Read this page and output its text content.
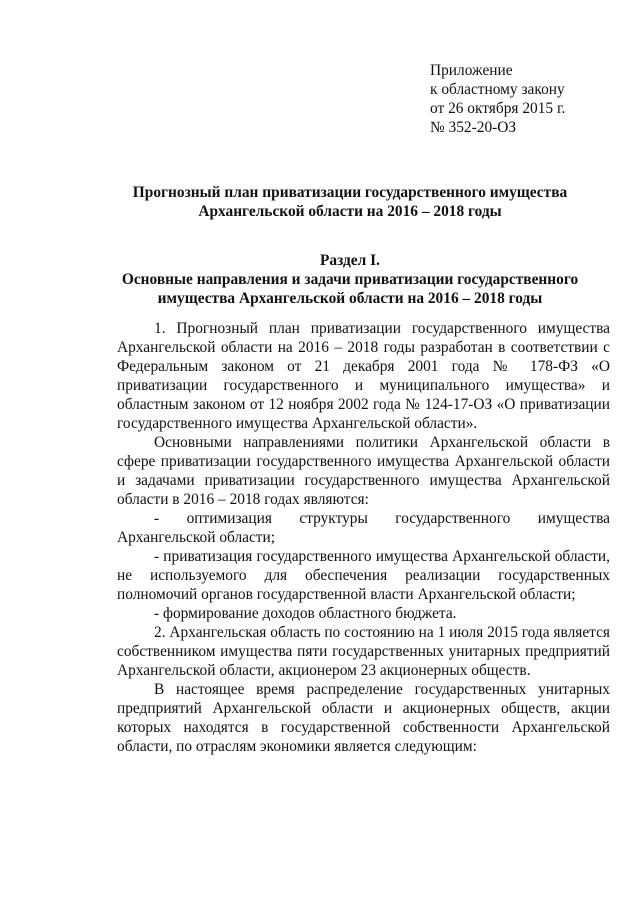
Приложение
к областному закону
от 26 октября 2015 г.
№ 352-20-ОЗ
Прогнозный план приватизации государственного имущества
Архангельской области на 2016 – 2018 годы
Раздел I.
Основные направления и задачи приватизации государственного
имущества Архангельской области на 2016 – 2018 годы

1. Прогнозный план приватизации государственного имущества Архангельской области на 2016 – 2018 годы разработан в соответствии с Федеральным законом от 21 декабря 2001 года № 178-ФЗ «О приватизации государственного и муниципального имущества» и областным законом от 12 ноября 2002 года № 124-17-ОЗ «О приватизации государственного имущества Архангельской области».

Основными направлениями политики Архангельской области в сфере приватизации государственного имущества Архангельской области и задачами приватизации государственного имущества Архангельской области в 2016 – 2018 годах являются:

- оптимизация структуры государственного имущества Архангельской области;

- приватизация государственного имущества Архангельской области, не используемого для обеспечения реализации государственных полномочий органов государственной власти Архангельской области;

- формирование доходов областного бюджета.

2. Архангельская область по состоянию на 1 июля 2015 года является собственником имущества пяти государственных унитарных предприятий Архангельской области, акционером 23 акционерных обществ.

В настоящее время распределение государственных унитарных предприятий Архангельской области и акционерных обществ, акции которых находятся в государственной собственности Архангельской области, по отраслям экономики является следующим:
